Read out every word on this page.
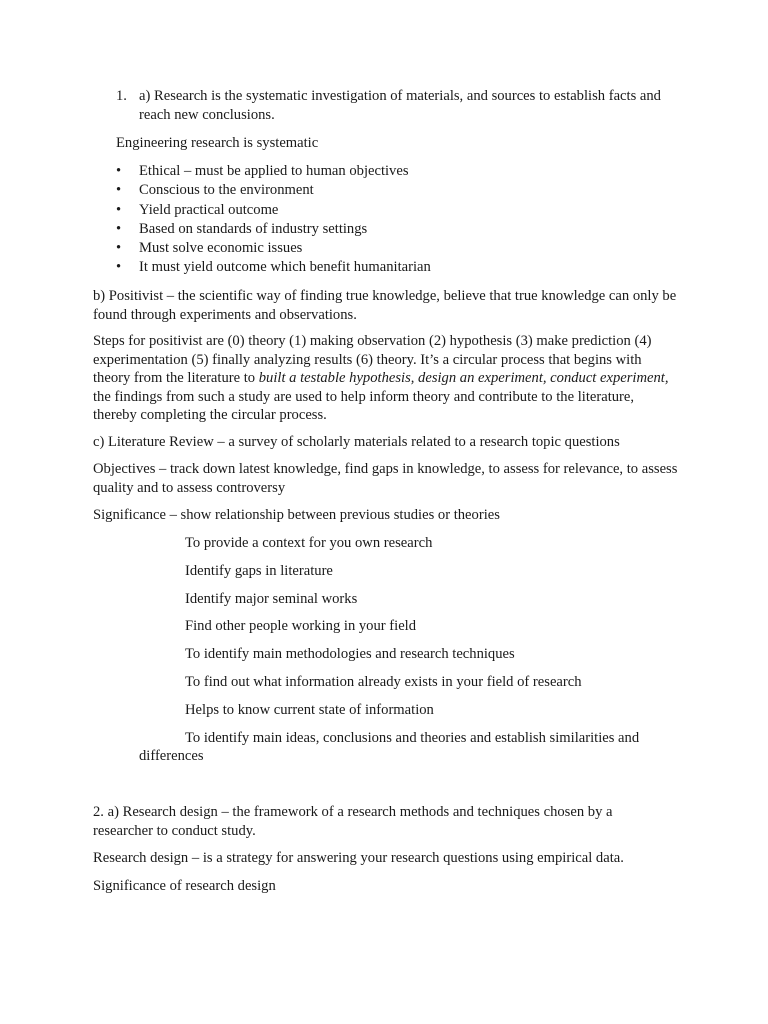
1. a) Research is the systematic investigation of materials, and sources to establish facts and reach new conclusions.

Engineering research is systematic

• Ethical – must be applied to human objectives
• Conscious to the environment
• Yield practical outcome
• Based on standards of industry settings
• Must solve economic issues
• It must yield outcome which benefit humanitarian

b) Positivist – the scientific way of finding true knowledge, believe that true knowledge can only be found through experiments and observations.

Steps for positivist are (0) theory (1) making observation (2) hypothesis (3) make prediction (4) experimentation (5) finally analyzing results (6) theory. It’s a circular process that begins with theory from the literature to built a testable hypothesis, design an experiment, conduct experiment, the findings from such a study are used to help inform theory and contribute to the literature, thereby completing the circular process.

c) Literature Review – a survey of scholarly materials related to a research topic questions

Objectives – track down latest knowledge, find gaps in knowledge, to assess for relevance, to assess quality and to assess controversy

Significance – show relationship between previous studies or theories

To provide a context for you own research
Identify gaps in literature
Identify major seminal works
Find other people working in your field
To identify main methodologies and research techniques
To find out what information already exists in your field of research
Helps to know current state of information
To identify main ideas, conclusions and theories and establish similarities and
differences

2. a) Research design – the framework of a research methods and techniques chosen by a researcher to conduct study.

Research design – is a strategy for answering your research questions using empirical data.

Significance of research design
